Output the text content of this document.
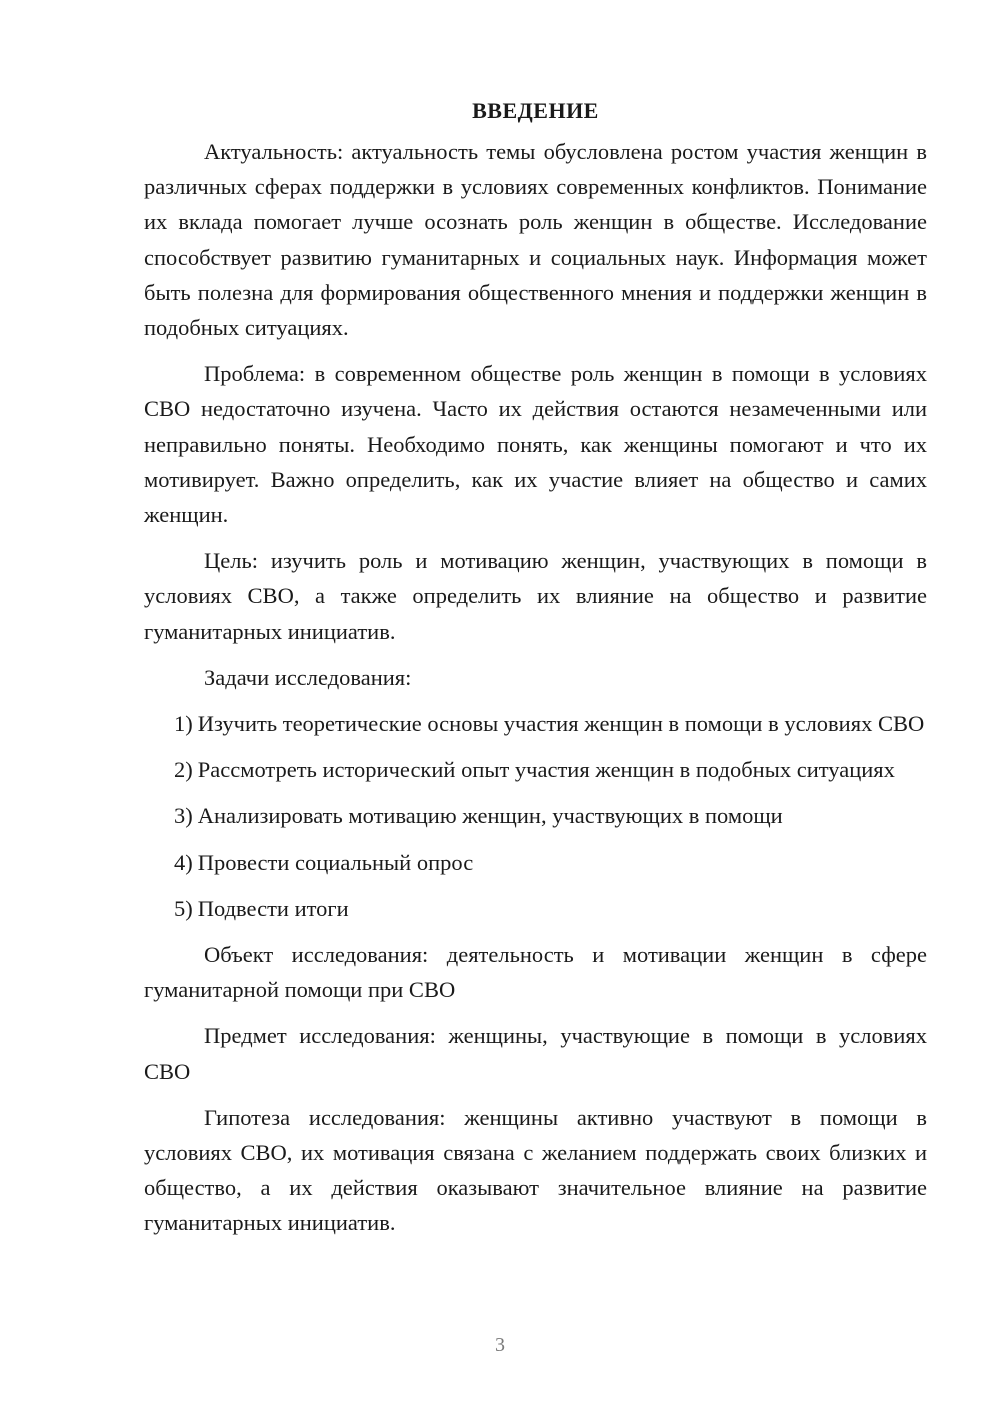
ВВЕДЕНИЕ

Актуальность: актуальность темы обусловлена ростом участия женщин в различных сферах поддержки в условиях современных конфликтов. Понимание их вклада помогает лучше осознать роль женщин в обществе. Исследование способствует развитию гуманитарных и социальных наук. Информация может быть полезна для формирования общественного мнения и поддержки женщин в подобных ситуациях.

Проблема: в современном обществе роль женщин в помощи в условиях СВО недостаточно изучена. Часто их действия остаются незамеченными или неправильно поняты. Необходимо понять, как женщины помогают и что их мотивирует. Важно определить, как их участие влияет на общество и самих женщин.

Цель: изучить роль и мотивацию женщин, участвующих в помощи в условиях СВО, а также определить их влияние на общество и развитие гуманитарных инициатив.

Задачи исследования:

1) Изучить теоретические основы участия женщин в помощи в условиях СВО

2) Рассмотреть исторический опыт участия женщин в подобных ситуациях

3) Анализировать мотивацию женщин, участвующих в помощи

4) Провести социальный опрос

5) Подвести итоги

Объект исследования: деятельность и мотивации женщин в сфере гуманитарной помощи при СВО

Предмет исследования: женщины, участвующие в помощи в условиях СВО

Гипотеза исследования: женщины активно участвуют в помощи в условиях СВО, их мотивация связана с желанием поддержать своих близких и общество, а их действия оказывают значительное влияние на развитие гуманитарных инициатив.

3
